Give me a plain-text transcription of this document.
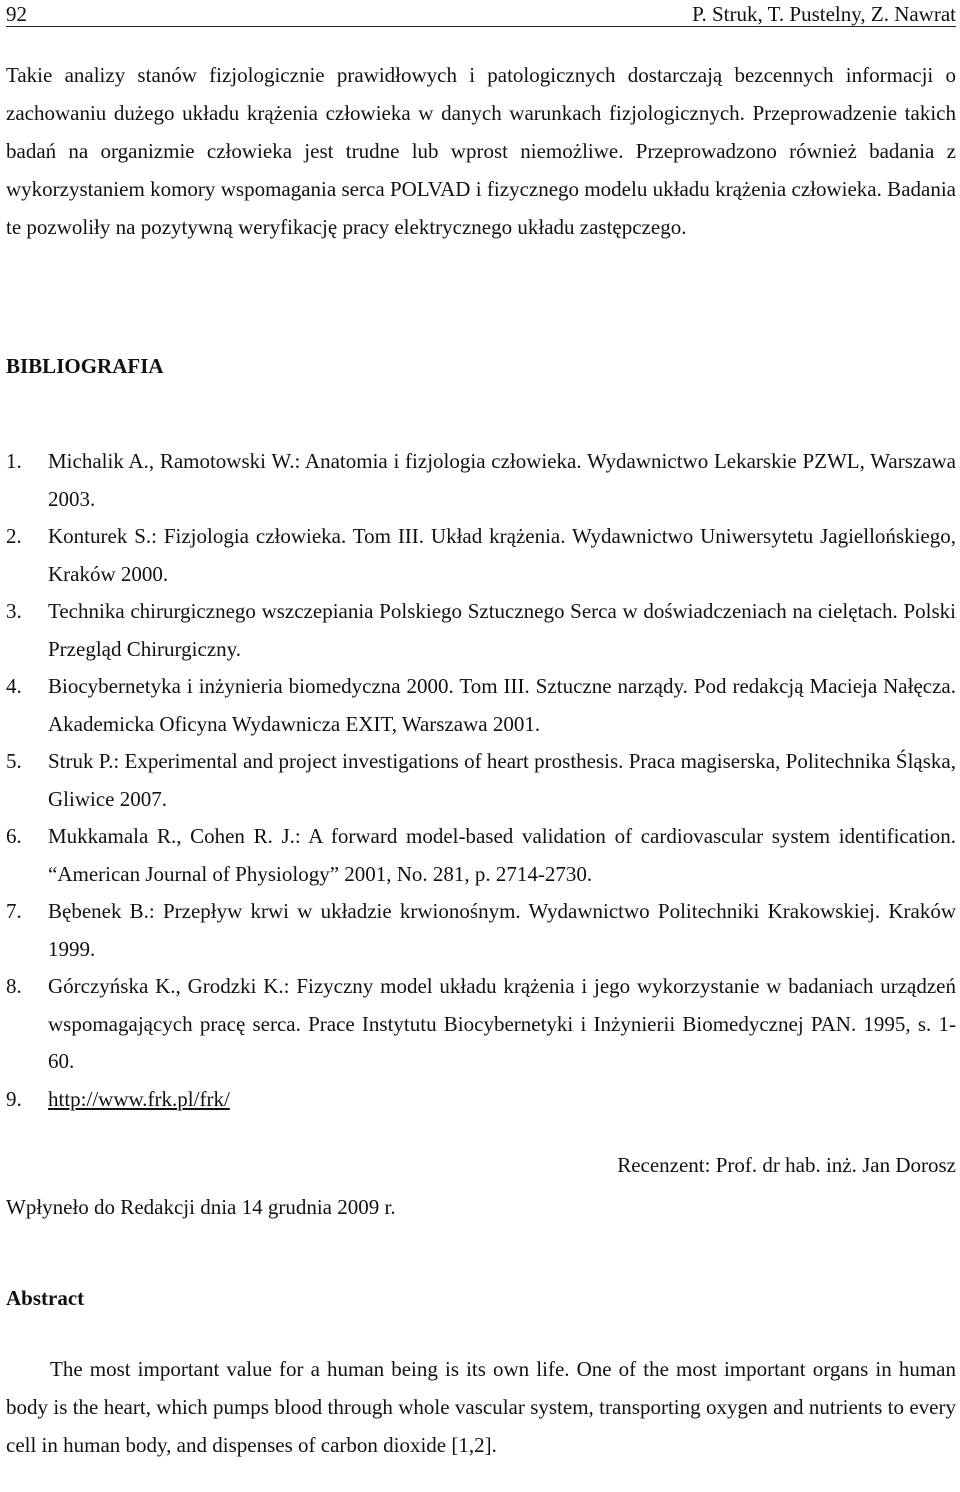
92	P. Struk, T. Pustelny, Z. Nawrat

Takie analizy stanów fizjologicznie prawidłowych i patologicznych dostarczają bezcennych informacji o zachowaniu dużego układu krążenia człowieka w danych warunkach fizjologicznych. Przeprowadzenie takich badań na organizmie człowieka jest trudne lub wprost niemożliwe. Przeprowadzono również badania z wykorzystaniem komory wspomagania serca POLVAD i fizycznego modelu układu krążenia człowieka. Badania te pozwoliły na pozytywną weryfikację pracy elektrycznego układu zastępczego.

BIBLIOGRAFIA
1.	Michalik A., Ramotowski W.: Anatomia i fizjologia człowieka. Wydawnictwo Lekarskie PZWL, Warszawa 2003.
2.	Konturek S.: Fizjologia człowieka. Tom III. Układ krążenia. Wydawnictwo Uniwersytetu Jagiellońskiego, Kraków 2000.
3.	Technika chirurgicznego wszczepiania Polskiego Sztucznego Serca w doświadczeniach na cielętach. Polski Przegląd Chirurgiczny.
4.	Biocybernetyka i inżynieria biomedyczna 2000. Tom III. Sztuczne narządy. Pod redakcją Macieja Nałęcza. Akademicka Oficyna Wydawnicza EXIT, Warszawa 2001.
5.	Struk P.: Experimental and project investigations of heart prosthesis. Praca magiserska, Politechnika Śląska, Gliwice 2007.
6.	Mukkamala R., Cohen R. J.: A forward model-based validation of cardiovascular system identification. “American Journal of Physiology” 2001, No. 281, p. 2714-2730.
7.	Bębenek B.: Przepływ krwi w układzie krwionośnym. Wydawnictwo Politechniki Krakowskiej. Kraków 1999.
8.	Górczyńska K., Grodzki K.: Fizyczny model układu krążenia i jego wykorzystanie w badaniach urządzeń wspomagających pracę serca. Prace Instytutu Biocybernetyki i Inżynierii Biomedycznej PAN. 1995, s. 1-60.
9.	http://www.frk.pl/frk/
Recenzent: Prof. dr hab. inż. Jan Dorosz
Wpłyneło do Redakcji dnia 14 grudnia 2009 r.
Abstract

The most important value for a human being is its own life. One of the most important organs in human body is the heart, which pumps blood through whole vascular system, transporting oxygen and nutrients to every cell in human body, and dispenses of carbon dioxide [1,2].
